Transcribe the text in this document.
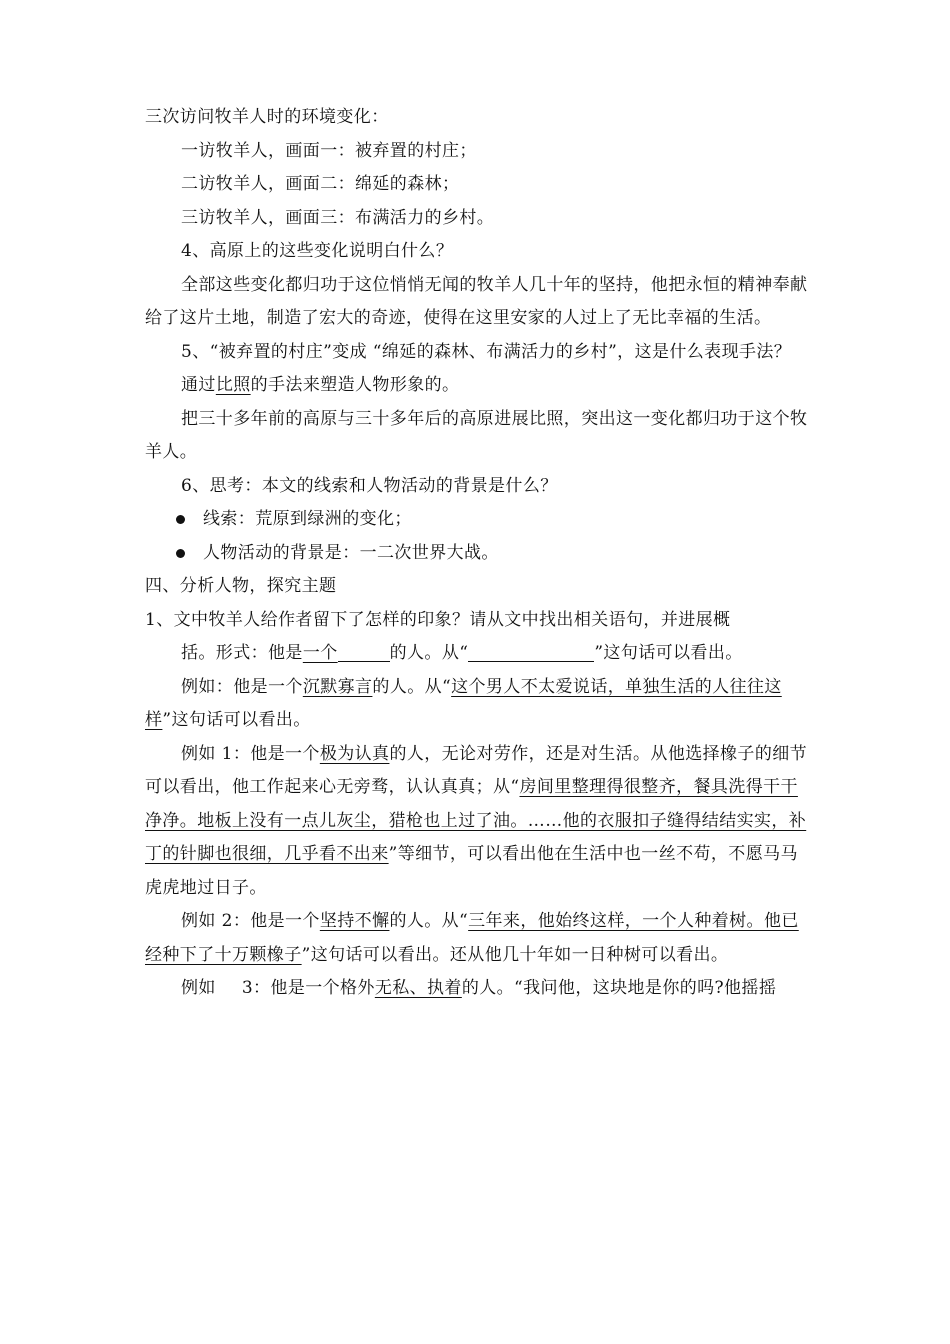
三次访问牧羊人时的环境变化：

一访牧羊人，画面一：被弃置的村庄；

二访牧羊人，画面二：绵延的森林；

三访牧羊人，画面三：布满活力的乡村。

4、高原上的这些变化说明白什么？

全部这些变化都归功于这位悄悄无闻的牧羊人几十年的坚持，他把永恒的精神奉献给了这片土地，制造了宏大的奇迹，使得在这里安家的人过上了无比幸福的生活。

5、“被弃置的村庄”变成 “绵延的森林、布满活力的乡村”，这是什么表现手法？

通过比照的手法来塑造人物形象的。

把三十多年前的高原与三十多年后的高原进展比照，突出这一变化都归功于这个牧羊人。

6、思考：本文的线索和人物活动的背景是什么？

线索：荒原到绿洲的变化；

人物活动的背景是：一二次世界大战。

四、分析人物，探究主题

1、文中牧羊人给作者留下了怎样的印象？请从文中找出相关语句，并进展概
括。形式：他是一个	的人。从“	”这句话可以看出。

例如：他是一个沉默寡言的人。从“这个男人不太爱说话，单独生活的人往往这样”这句话可以看出。

例如 1：他是一个极为认真的人，无论对劳作，还是对生活。从他选择橡子的细节可以看出，他工作起来心无旁骛，认认真真；从“房间里整理得很整齐，餐具洗得干干净净。地板上没有一点儿灰尘，猎枪也上过了油。……他的衣服扣子缝得结结实实，补丁的针脚也很细，几乎看不出来”等细节，可以看出他在生活中也一丝不苟，不愿马马虎虎地过日子。

例如 2：他是一个坚持不懈的人。从“三年来，他始终这样，一个人种着树。他已经种下了十万颗橡子”这句话可以看出。还从他几十年如一日种树可以看出。

例如 3：他是一个格外无私、执着的人。“我问他，这块地是你的吗?他摇摇
